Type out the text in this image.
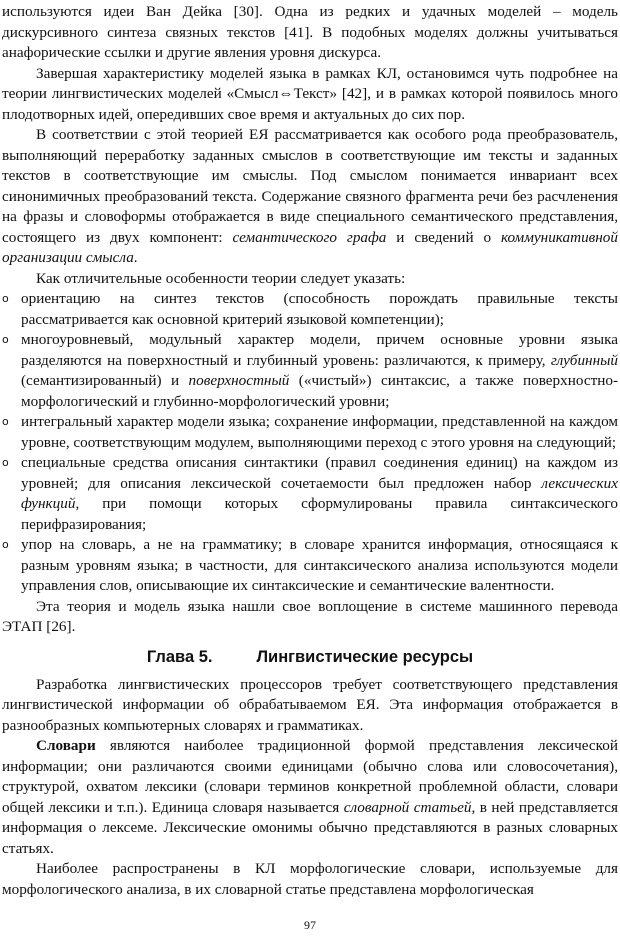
используются идеи Ван Дейка [30]. Одна из редких и удачных моделей – модель дискурсивного синтеза связных текстов [41]. В подобных моделях должны учитываться анафорические ссылки и другие явления уровня дискурса.

Завершая характеристику моделей языка в рамках КЛ, остановимся чуть подробнее на теории лингвистических моделей «Смысл⇔Текст» [42], и в рамках которой появилось много плодотворных идей, опередивших свое время и актуальных до сих пор.

В соответствии с этой теорией ЕЯ рассматривается как особого рода преобразователь, выполняющий переработку заданных смыслов в соответствующие им тексты и заданных текстов в соответствующие им смыслы. Под смыслом понимается инвариант всех синонимичных преобразований текста. Содержание связного фрагмента речи без расчленения на фразы и словоформы отображается в виде специального семантического представления, состоящего из двух компонент: семантического графа и сведений о коммуникативной организации смысла.

Как отличительные особенности теории следует указать:

o ориентацию на синтез текстов (способность порождать правильные тексты рассматривается как основной критерий языковой компетенции);
o многоуровневый, модульный характер модели, причем основные уровни языка разделяются на поверхностный и глубинный уровень: различаются, к примеру, глубинный (семантизированный) и поверхностный («чистый») синтаксис, а также поверхностно-морфологический и глубинно-морфологический уровни;
o интегральный характер модели языка; сохранение информации, представленной на каждом уровне, соответствующим модулем, выполняющими переход с этого уровня на следующий;
o специальные средства описания синтактики (правил соединения единиц) на каждом из уровней; для описания лексической сочетаемости был предложен набор лексических функций, при помощи которых сформулированы правила синтаксического перифразирования;
o упор на словарь, а не на грамматику; в словаре хранится информация, относящаяся к разным уровням языка; в частности, для синтаксического анализа используются модели управления слов, описывающие их синтаксические и семантические валентности.

Эта теория и модель языка нашли свое воплощение в системе машинного перевода ЭТАП [26].

Глава 5.	Лингвистические ресурсы

Разработка лингвистических процессоров требует соответствующего представления лингвистической информации об обрабатываемом ЕЯ. Эта информация отображается в разнообразных компьютерных словарях и грамматиках.

Словари являются наиболее традиционной формой представления лексической информации; они различаются своими единицами (обычно слова или словосочетания), структурой, охватом лексики (словари терминов конкретной проблемной области, словари общей лексики и т.п.). Единица словаря называется словарной статьей, в ней представляется информация о лексеме. Лексические омонимы обычно представляются в разных словарных статьях.

Наиболее распространены в КЛ морфологические словари, используемые для морфологического анализа, в их словарной статье представлена морфологическая

97
